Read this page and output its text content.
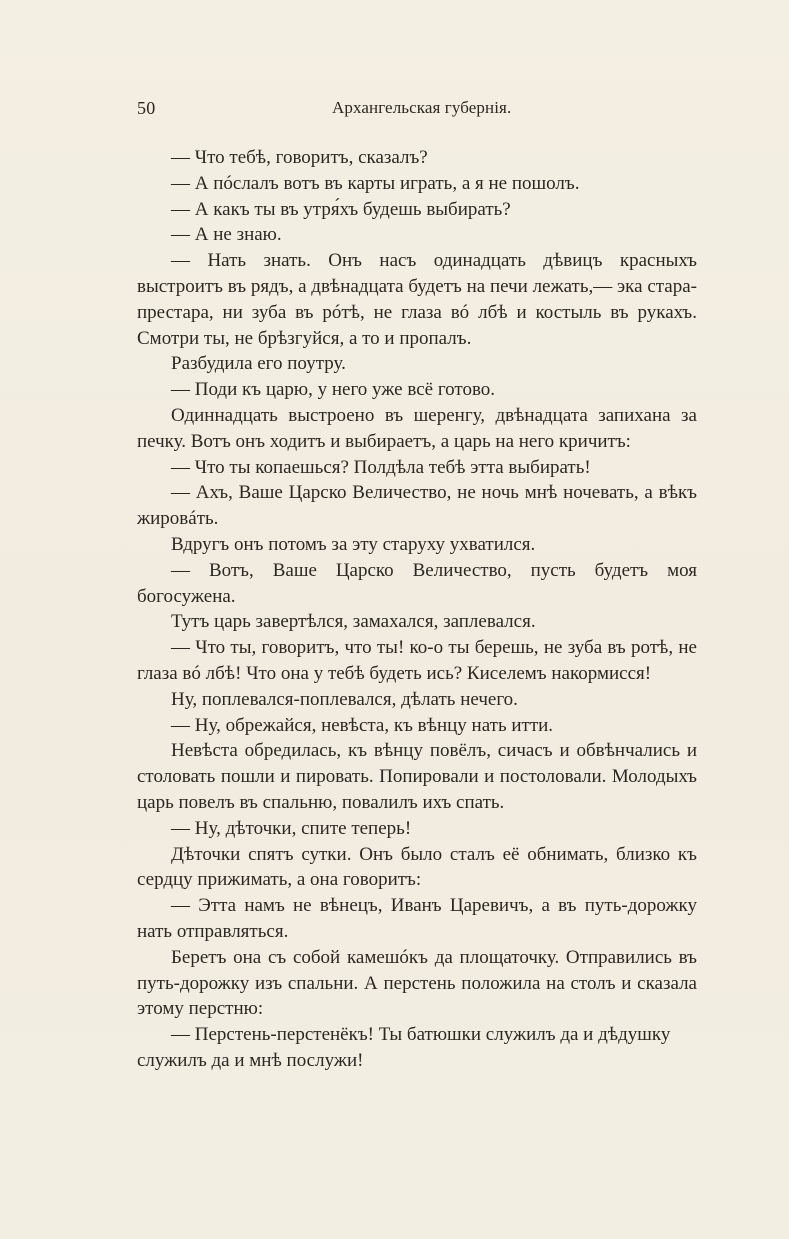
50	Архангельская губернія.

— Что тебѣ, говоритъ, сказалъ?

— А пóслалъ вотъ въ карты играть, а я не пошолъ.

— А какъ ты въ утря́хъ будешь выбирать?

— А не знаю.

— Нать знать. Онъ насъ одинадцать дѣвицъ красныхъ выстроитъ въ рядъ, а двѣнадцата будетъ на печи лежать,— эка стара-престара, ни зуба въ рóтѣ, не глаза вó лбѣ и костыль въ рукахъ. Смотри ты, не брѣзгуйся, а то и пропалъ.

Разбудила его поутру.

— Поди къ царю, у него уже всё готово.

Одиннадцать выстроено въ шеренгу, двѣнадцата запихана за печку. Вотъ онъ ходитъ и выбираетъ, а царь на него кричитъ:

— Что ты копаешься? Полдѣла тебѣ этта выбирать!

— Ахъ, Ваше Царско Величество, не ночь мнѣ ночевать, а вѣкъ жировáть.

Вдругъ онъ потомъ за эту старуху ухватился.

— Вотъ, Ваше Царско Величество, пусть будетъ моя богосужена.

Тутъ царь завертѣлся, замахался, заплевался.

— Что ты, говоритъ, что ты! ко-о ты берешь, не зуба въ ротѣ, не глаза вó лбѣ! Что она у тебѣ будеть ись? Киселемъ накормисся!

Ну, поплевался-поплевался, дѣлать нечего.

— Ну, обрежайся, невѣста, къ вѣнцу нать итти.

Невѣста обредилась, къ вѣнцу повёлъ, сичасъ и обвѣнчались и столовать пошли и пировать. Попировали и постоловали. Молодыхъ царь повелъ въ спальню, повалилъ ихъ спать.

— Ну, дѣточки, спите теперь!

Дѣточки спятъ сутки. Онъ было сталъ её обнимать, близко къ сердцу прижимать, а она говоритъ:

— Этта намъ не вѣнецъ, Иванъ Царевичъ, а въ путь-дорожку нать отправляться.

Беретъ она съ собой камешóкъ да площаточку. Отправились въ путь-дорожку изъ спальни. А перстень положила на столъ и сказала этому перстню:

— Перстень-перстенёкъ! Ты батюшки служилъ да и дѣдушку служилъ да и мнѣ послужи!
